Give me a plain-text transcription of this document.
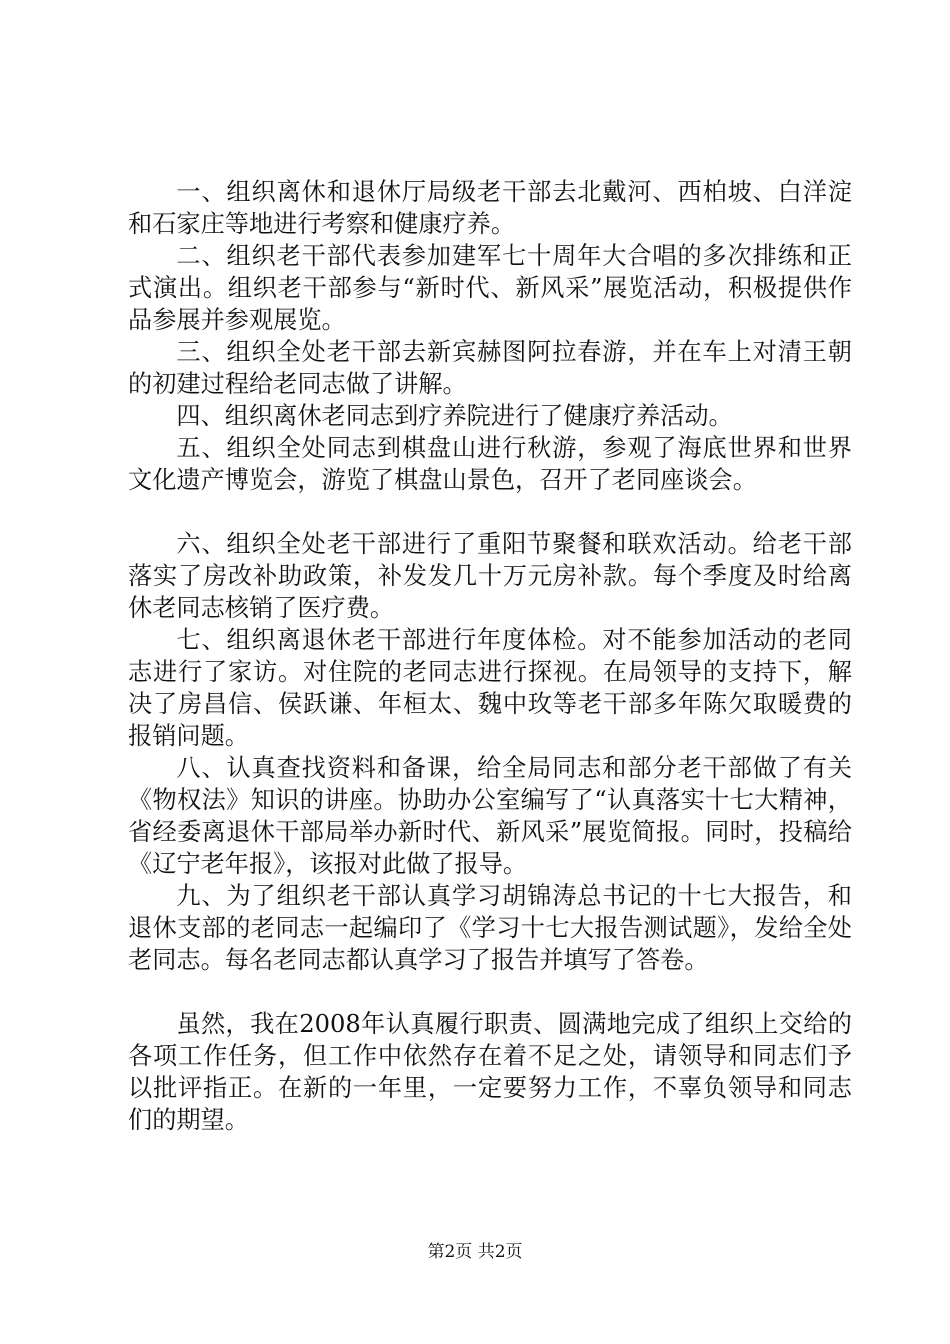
一、组织离休和退休厅局级老干部去北戴河、西柏坡、白洋淀和石家庄等地进行考察和健康疗养。

二、组织老干部代表参加建军七十周年大合唱的多次排练和正式演出。组织老干部参与“新时代、新风采”展览活动，积极提供作品参展并参观展览。

三、组织全处老干部去新宾赫图阿拉春游，并在车上对清王朝的初建过程给老同志做了讲解。

四、组织离休老同志到疗养院进行了健康疗养活动。

五、组织全处同志到棋盘山进行秋游，参观了海底世界和世界文化遗产博览会，游览了棋盘山景色，召开了老同座谈会。

六、组织全处老干部进行了重阳节聚餐和联欢活动。给老干部落实了房改补助政策，补发发几十万元房补款。每个季度及时给离休老同志核销了医疗费。

七、组织离退休老干部进行年度体检。对不能参加活动的老同志进行了家访。对住院的老同志进行探视。在局领导的支持下，解决了房昌信、侯跃谦、年桓太、魏中玫等老干部多年陈欠取暖费的报销问题。

八、认真查找资料和备课，给全局同志和部分老干部做了有关《物权法》知识的讲座。协助办公室编写了“认真落实十七大精神，省经委离退休干部局举办新时代、新风采”展览简报。同时，投稿给《辽宁老年报》，该报对此做了报导。

九、为了组织老干部认真学习胡锦涛总书记的十七大报告，和退休支部的老同志一起编印了《学习十七大报告测试题》，发给全处老同志。每名老同志都认真学习了报告并填写了答卷。

虽然，我在2008年认真履行职责、圆满地完成了组织上交给的各项工作任务，但工作中依然存在着不足之处，请领导和同志们予以批评指正。在新的一年里，一定要努力工作，不辜负领导和同志们的期望。

第2页 共2页
